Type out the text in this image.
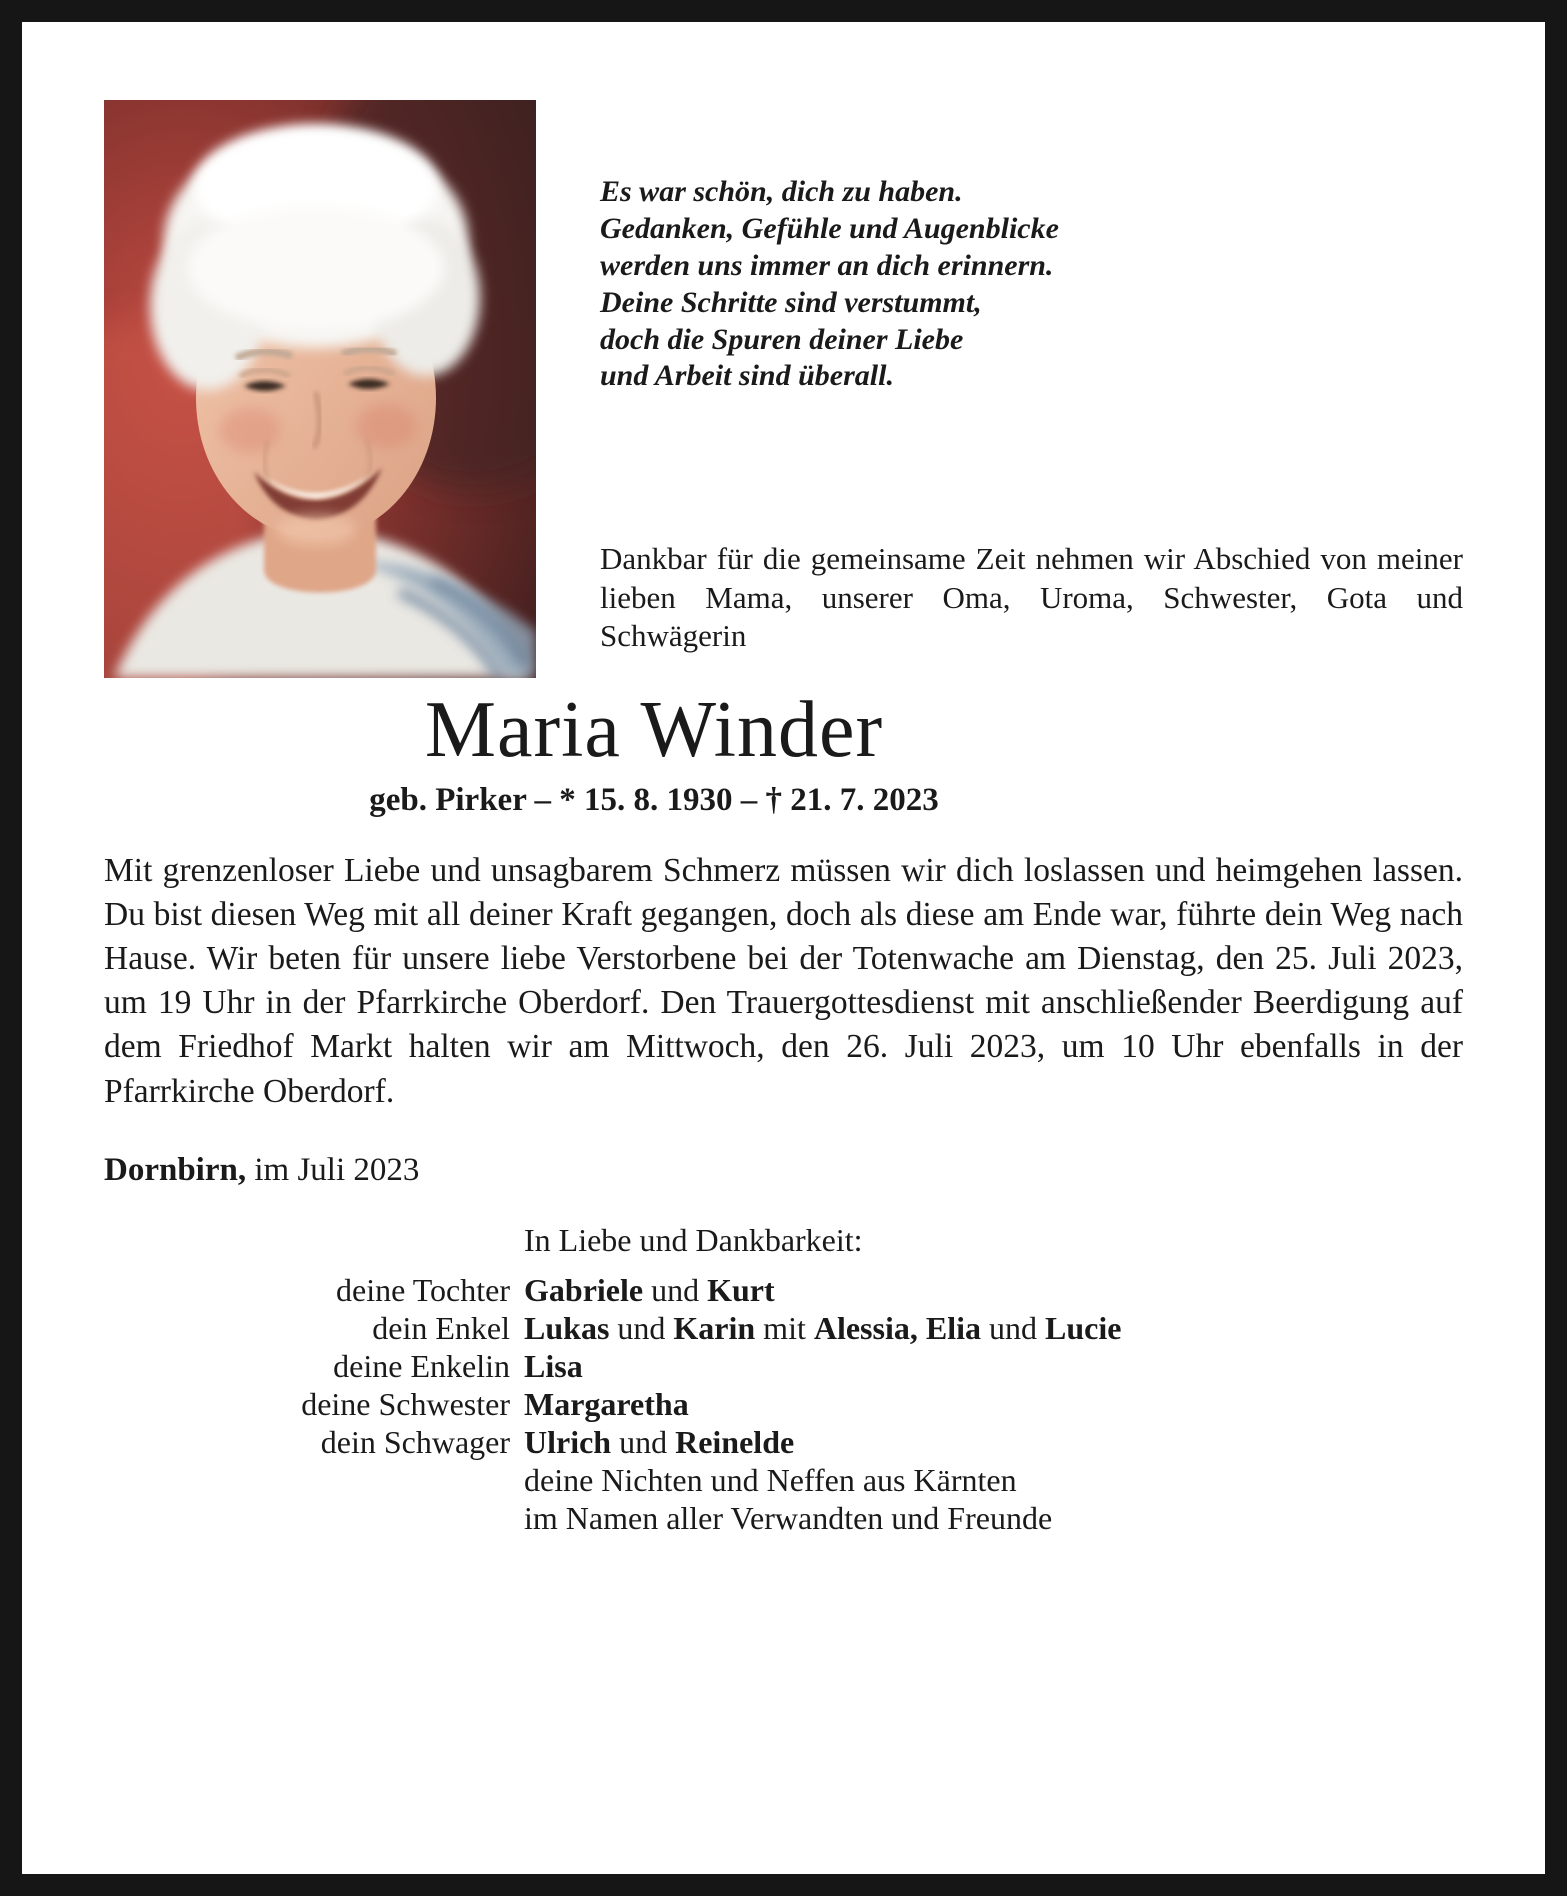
Es war schön, dich zu haben.
Gedanken, Gefühle und Augenblicke
werden uns immer an dich erinnern.
Deine Schritte sind verstummt,
doch die Spuren deiner Liebe
und Arbeit sind überall.
Dankbar für die gemeinsame Zeit nehmen wir Abschied von meiner lieben Mama, unserer Oma, Uroma, Schwester, Gota und Schwägerin
Maria Winder
geb. Pirker – * 15. 8. 1930 – † 21. 7. 2023
Mit grenzenloser Liebe und unsagbarem Schmerz müssen wir dich loslassen und heimgehen lassen. Du bist diesen Weg mit all deiner Kraft gegangen, doch als diese am Ende war, führte dein Weg nach Hause. Wir beten für unsere liebe Verstorbene bei der Totenwache am Dienstag, den 25. Juli 2023, um 19 Uhr in der Pfarrkirche Oberdorf. Den Trauergottesdienst mit anschließender Beerdigung auf dem Friedhof Markt halten wir am Mittwoch, den 26. Juli 2023, um 10 Uhr ebenfalls in der Pfarrkirche Oberdorf.
Dornbirn, im Juli 2023
In Liebe und Dankbarkeit:
deine Tochter Gabriele und Kurt
dein Enkel Lukas und Karin mit Alessia, Elia und Lucie
deine Enkelin Lisa
deine Schwester Margaretha
dein Schwager Ulrich und Reinelde
deine Nichten und Neffen aus Kärnten
im Namen aller Verwandten und Freunde
